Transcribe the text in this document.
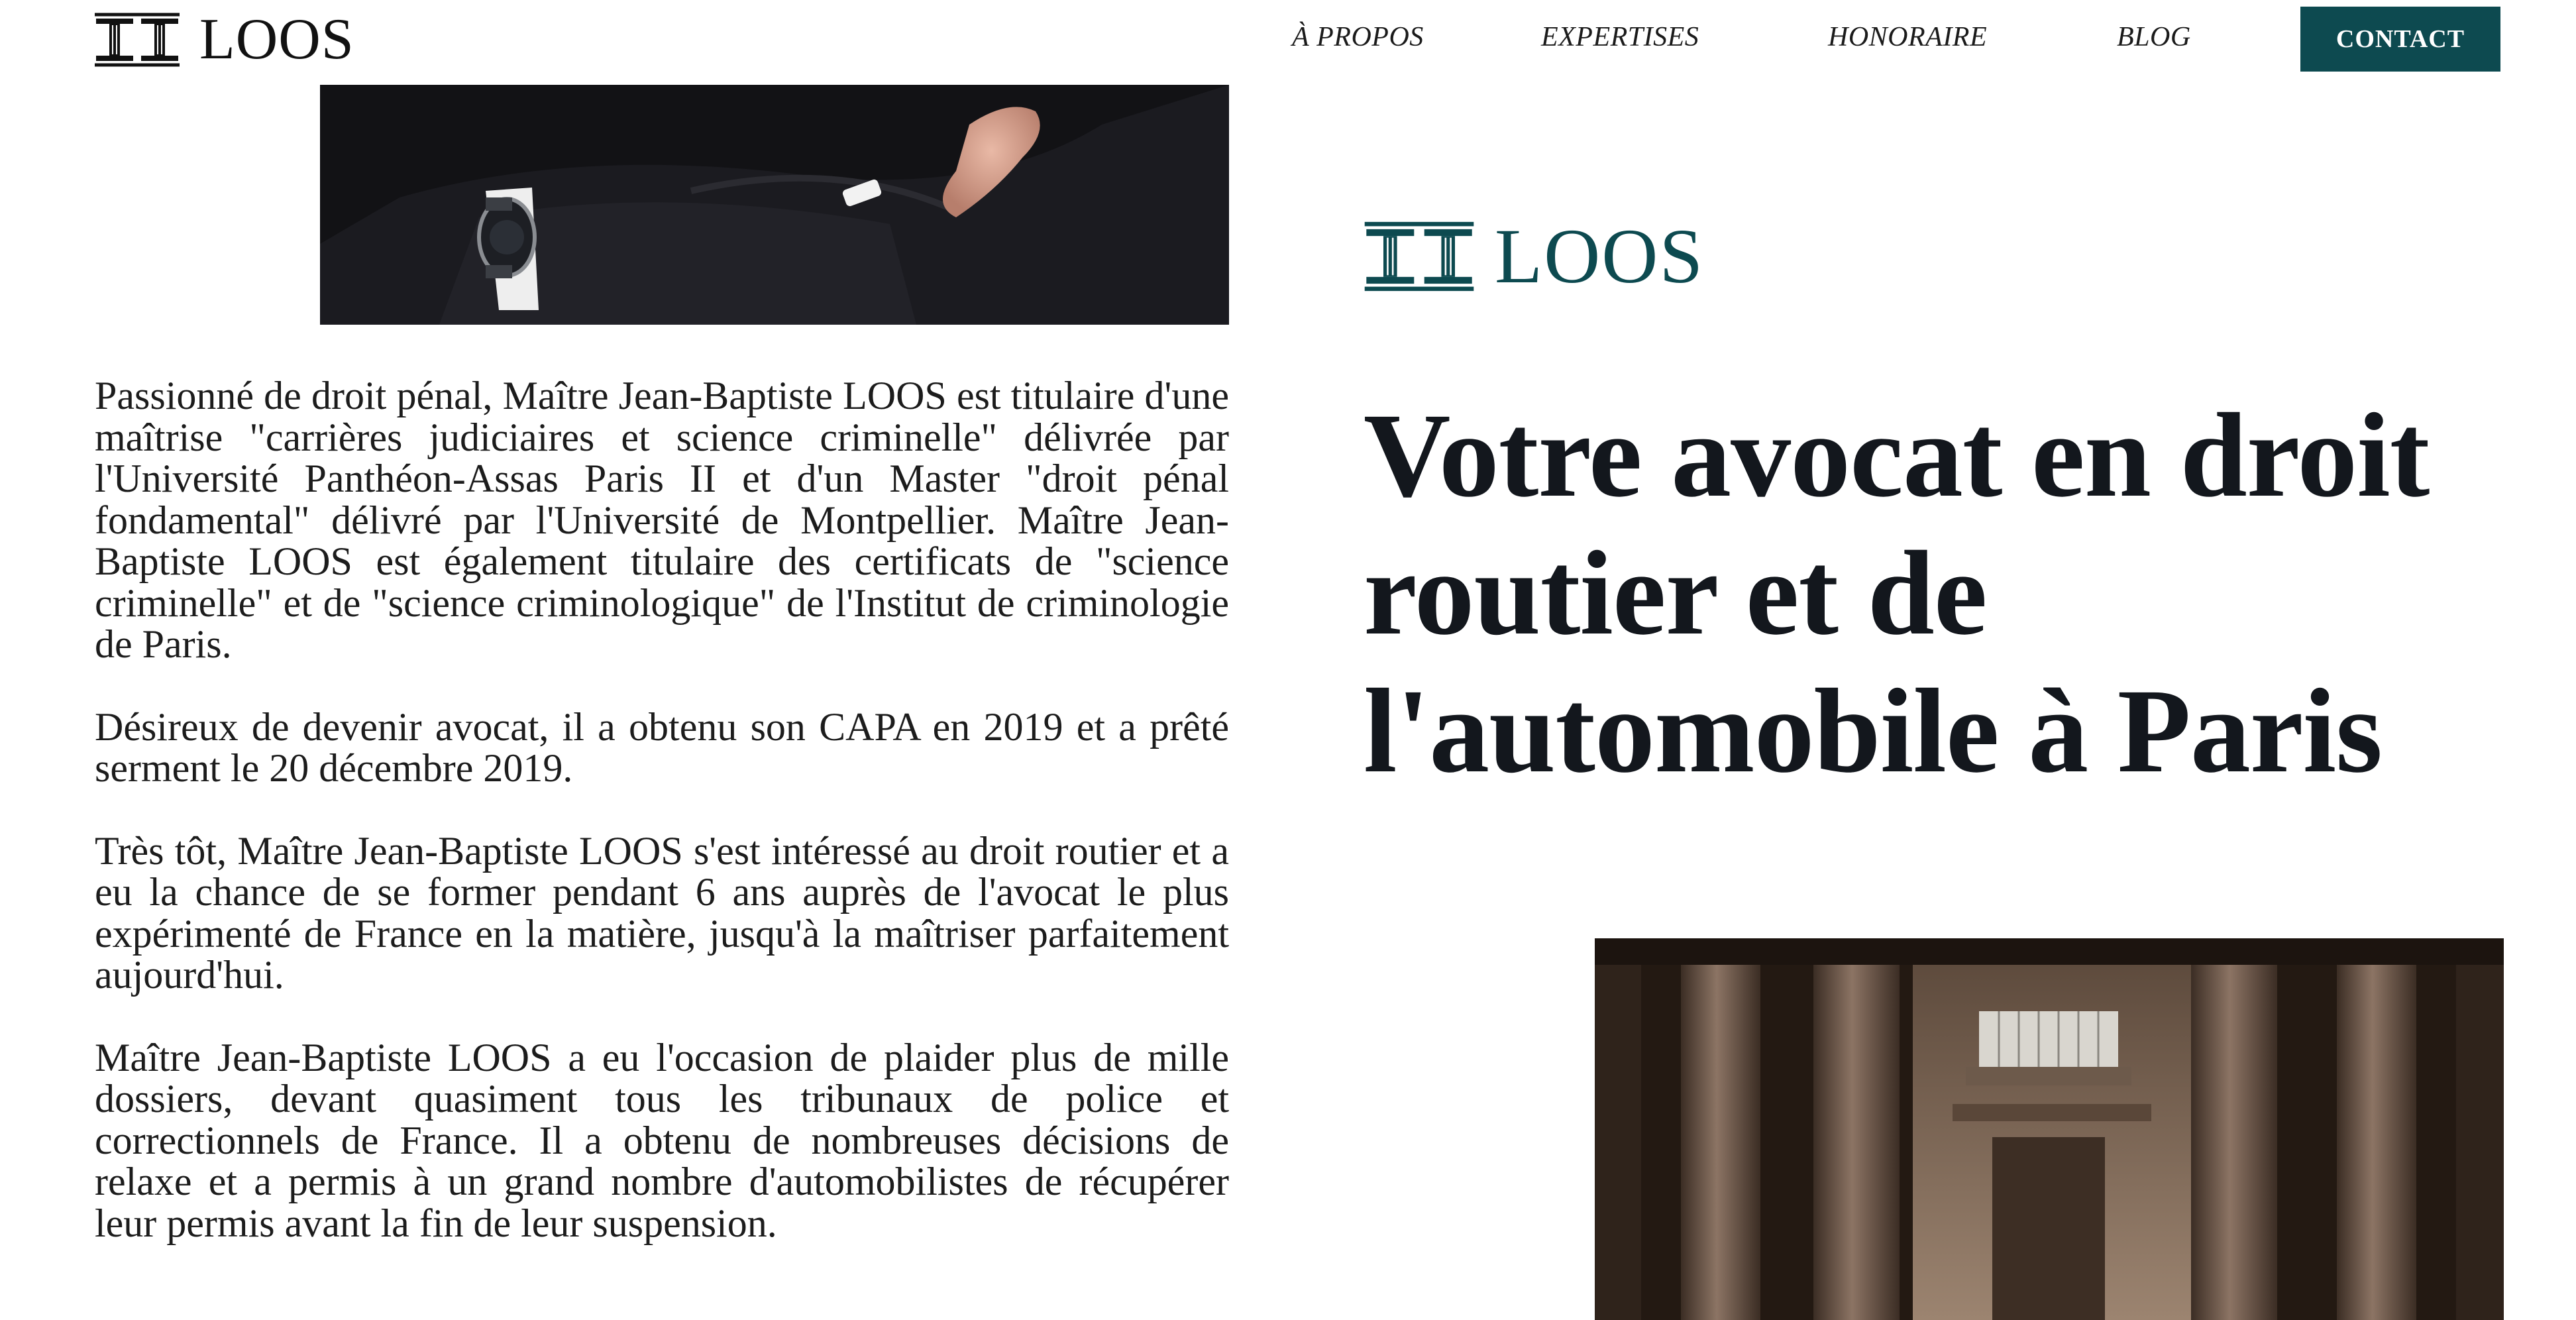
LOOS	À PROPOS	EXPERTISES	HONORAIRE	BLOG	CONTACT

Passionné de droit pénal, Maître Jean-Baptiste LOOS est titulaire d'une maîtrise "carrières judiciaires et science criminelle" délivrée par l'Université Panthéon-Assas Paris II et d'un Master "droit pénal fondamental" délivré par l'Université de Montpellier. Maître Jean-Baptiste LOOS est également titulaire des certificats de "science criminelle" et de "science criminologique" de l'Institut de criminologie de Paris.

Désireux de devenir avocat, il a obtenu son CAPA en 2019 et a prêté serment le 20 décembre 2019.

Très tôt, Maître Jean-Baptiste LOOS s'est intéressé au droit routier et a eu la chance de se former pendant 6 ans auprès de l'avocat le plus expérimenté de France en la matière, jusqu'à la maîtriser parfaitement aujourd'hui.

Maître Jean-Baptiste LOOS a eu l'occasion de plaider plus de mille dossiers, devant quasiment tous les tribunaux de police et correctionnels de France. Il a obtenu de nombreuses décisions de relaxe et a permis à un grand nombre d'automobilistes de récupérer leur permis avant la fin de leur suspension.

LOOS
Votre avocat en droit routier et de l'automobile à Paris
